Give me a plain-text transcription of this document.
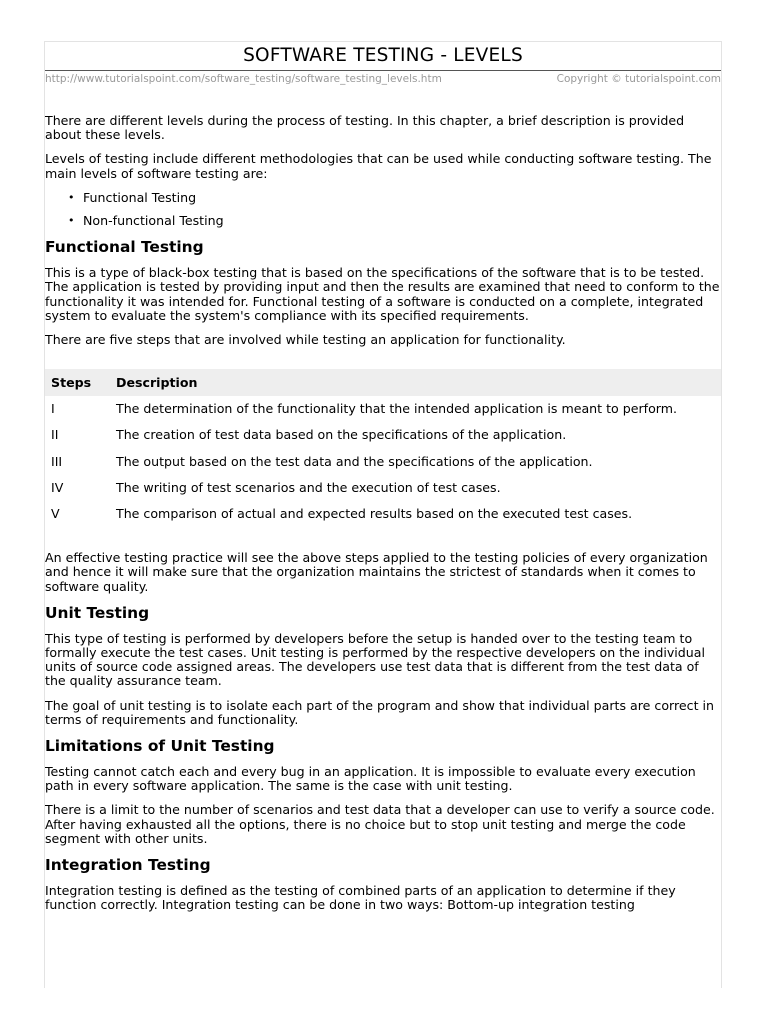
SOFTWARE TESTING - LEVELS
http://www.tutorialspoint.com/software_testing/software_testing_levels.htm	Copyright © tutorialspoint.com

There are different levels during the process of testing. In this chapter, a brief description is provided about these levels.

Levels of testing include different methodologies that can be used while conducting software testing. The main levels of software testing are:

• Functional Testing
• Non-functional Testing
Functional Testing

This is a type of black-box testing that is based on the specifications of the software that is to be tested. The application is tested by providing input and then the results are examined that need to conform to the functionality it was intended for. Functional testing of a software is conducted on a complete, integrated system to evaluate the system's compliance with its specified requirements.

There are five steps that are involved while testing an application for functionality.

Steps	Description
I	The determination of the functionality that the intended application is meant to perform.
II	The creation of test data based on the specifications of the application.
III	The output based on the test data and the specifications of the application.
IV	The writing of test scenarios and the execution of test cases.
V	The comparison of actual and expected results based on the executed test cases.

An effective testing practice will see the above steps applied to the testing policies of every organization and hence it will make sure that the organization maintains the strictest of standards when it comes to software quality.

Unit Testing

This type of testing is performed by developers before the setup is handed over to the testing team to formally execute the test cases. Unit testing is performed by the respective developers on the individual units of source code assigned areas. The developers use test data that is different from the test data of the quality assurance team.

The goal of unit testing is to isolate each part of the program and show that individual parts are correct in terms of requirements and functionality.

Limitations of Unit Testing

Testing cannot catch each and every bug in an application. It is impossible to evaluate every execution path in every software application. The same is the case with unit testing.

There is a limit to the number of scenarios and test data that a developer can use to verify a source code. After having exhausted all the options, there is no choice but to stop unit testing and merge the code segment with other units.

Integration Testing

Integration testing is defined as the testing of combined parts of an application to determine if they function correctly. Integration testing can be done in two ways: Bottom-up integration testing
